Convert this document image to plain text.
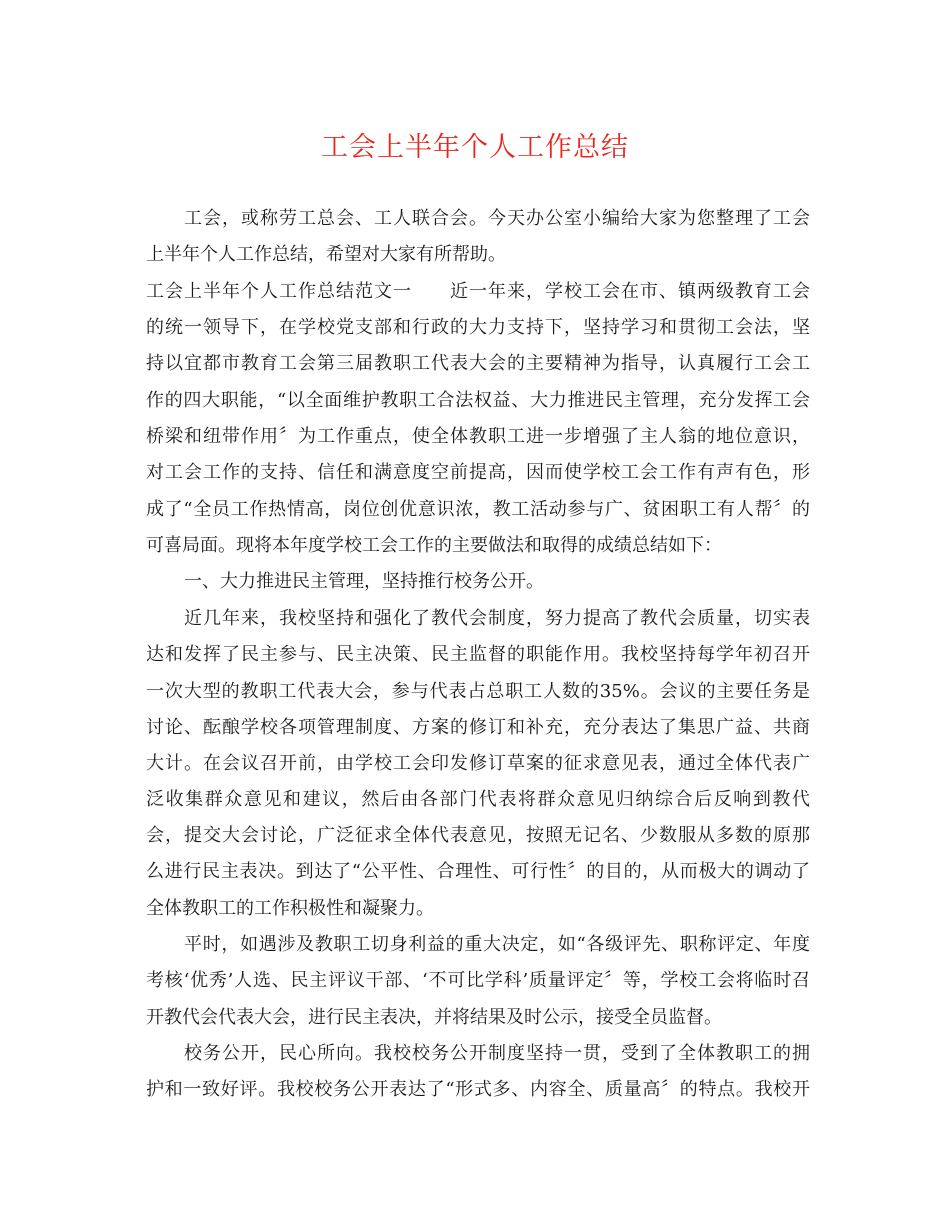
工会上半年个人工作总结
工会，或称劳工总会、工人联合会。今天办公室小编给大家为您整理了工会
上半年个人工作总结，希望对大家有所帮助。
工会上半年个人工作总结范文一　　近一年来，学校工会在市、镇两级教育工会
的统一领导下，在学校党支部和行政的大力支持下，坚持学习和贯彻工会法，坚
持以宜都市教育工会第三届教职工代表大会的主要精神为指导，认真履行工会工
作的四大职能，“以全面维护教职工合法权益、大力推进民主管理，充分发挥工会
桥梁和纽带作用〞为工作重点，使全体教职工进一步增强了主人翁的地位意识，
对工会工作的支持、信任和满意度空前提高，因而使学校工会工作有声有色，形
成了“全员工作热情高，岗位创优意识浓，教工活动参与广、贫困职工有人帮〞的
可喜局面。现将本年度学校工会工作的主要做法和取得的成绩总结如下：
一、大力推进民主管理，坚持推行校务公开。
近几年来，我校坚持和强化了教代会制度，努力提高了教代会质量，切实表
达和发挥了民主参与、民主决策、民主监督的职能作用。我校坚持每学年初召开
一次大型的教职工代表大会，参与代表占总职工人数的35%。会议的主要任务是
讨论、酝酿学校各项管理制度、方案的修订和补充，充分表达了集思广益、共商
大计。在会议召开前，由学校工会印发修订草案的征求意见表，通过全体代表广
泛收集群众意见和建议，然后由各部门代表将群众意见归纳综合后反响到教代
会，提交大会讨论，广泛征求全体代表意见，按照无记名、少数服从多数的原那
么进行民主表决。到达了“公平性、合理性、可行性〞的目的，从而极大的调动了
全体教职工的工作积极性和凝聚力。
平时，如遇涉及教职工切身利益的重大决定，如“各级评先、职称评定、年度
考核‘优秀’人选、民主评议干部、‘不可比学科’质量评定〞等，学校工会将临时召
开教代会代表大会，进行民主表决，并将结果及时公示，接受全员监督。
校务公开，民心所向。我校校务公开制度坚持一贯，受到了全体教职工的拥
护和一致好评。我校校务公开表达了“形式多、内容全、质量高〞的特点。我校开
